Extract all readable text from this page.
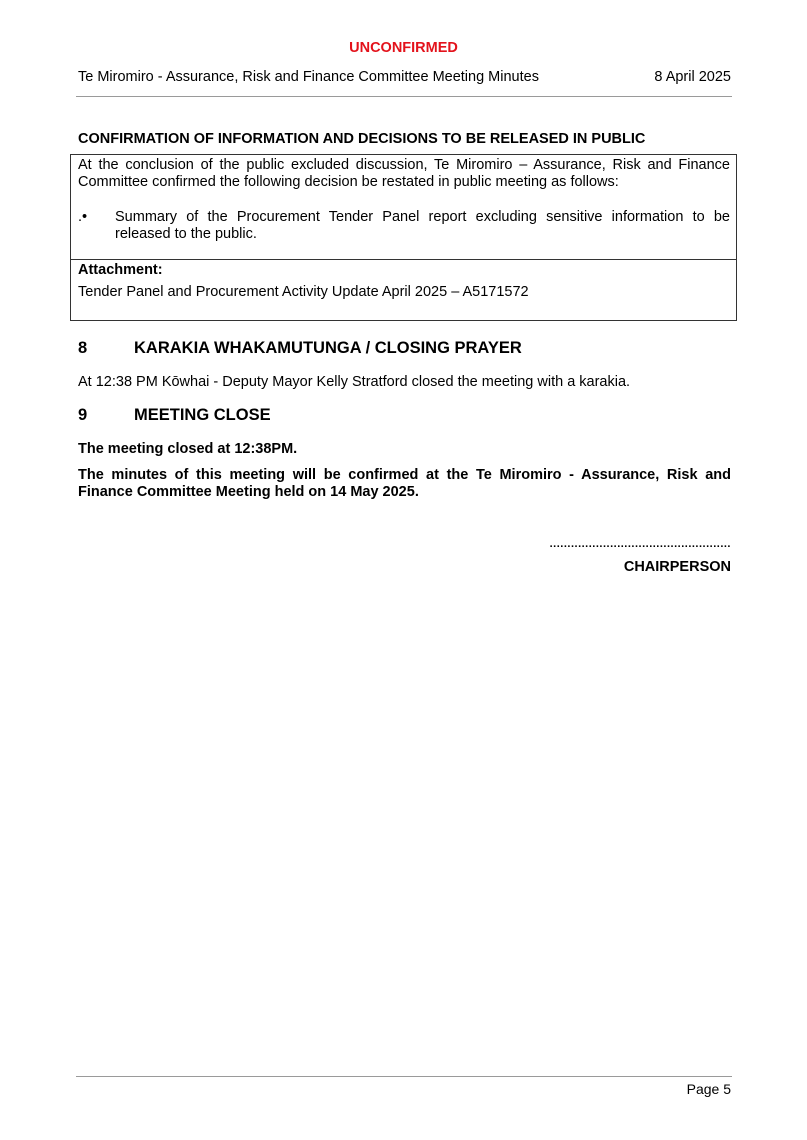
UNCONFIRMED
Te Miromiro - Assurance, Risk and Finance Committee Meeting Minutes	8 April 2025
CONFIRMATION OF INFORMATION AND DECISIONS TO BE RELEASED IN PUBLIC
At the conclusion of the public excluded discussion, Te Miromiro – Assurance, Risk and Finance Committee confirmed the following decision be restated in public meeting as follows:
.• Summary of the Procurement Tender Panel report excluding sensitive information to be released to the public.
Attachment:
Tender Panel and Procurement Activity Update April 2025 – A5171572
8	KARAKIA WHAKAMUTUNGA / CLOSING PRAYER
At 12:38 PM Kōwhai - Deputy Mayor Kelly Stratford closed the meeting with a karakia.
9	MEETING CLOSE
The meeting closed at 12:38PM.
The minutes of this meeting will be confirmed at the Te Miromiro - Assurance, Risk and Finance Committee Meeting held on 14 May 2025.
...................................................
CHAIRPERSON
Page 5
